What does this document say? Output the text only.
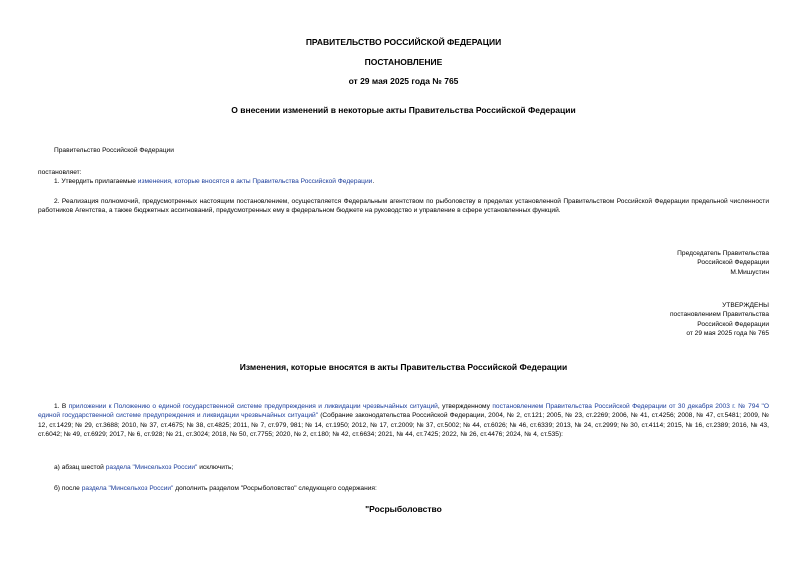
ПРАВИТЕЛЬСТВО РОССИЙСКОЙ ФЕДЕРАЦИИ
ПОСТАНОВЛЕНИЕ
от 29 мая 2025 года № 765
О внесении изменений в некоторые акты Правительства Российской Федерации
Правительство Российской Федерации
постановляет:
1. Утвердить прилагаемые изменения, которые вносятся в акты Правительства Российской Федерации.
2. Реализация полномочий, предусмотренных настоящим постановлением, осуществляется Федеральным агентством по рыболовству в пределах установленной Правительством Российской Федерации предельной численности работников Агентства, а также бюджетных ассигнований, предусмотренных ему в федеральном бюджете на руководство и управление в сфере установленных функций.
Председатель Правительства
Российской Федерации
М.Мишустин
УТВЕРЖДЕНЫ
постановлением Правительства
Российской Федерации
от 29 мая 2025 года № 765
Изменения, которые вносятся в акты Правительства Российской Федерации
1. В приложении к Положению о единой государственной системе предупреждения и ликвидации чрезвычайных ситуаций, утвержденному постановлением Правительства Российской Федерации от 30 декабря 2003 г. № 794 "О единой государственной системе предупреждения и ликвидации чрезвычайных ситуаций" (Собрание законодательства Российской Федерации, 2004, № 2, ст.121; 2005, № 23, ст.2269; 2006, № 41, ст.4256; 2008, № 47, ст.5481; 2009, № 12, ст.1429; № 29, ст.3688; 2010, № 37, ст.4675; № 38, ст.4825; 2011, № 7, ст.979, 981; № 14, ст.1950; 2012, № 17, ст.2009; № 37, ст.5002; № 44, ст.6026; № 46, ст.6339; 2013, № 24, ст.2999; № 30, ст.4114; 2015, № 16, ст.2389; 2016, № 43, ст.6042; № 49, ст.6929; 2017, № 6, ст.928; № 21, ст.3024; 2018, № 50, ст.7755; 2020, № 2, ст.180; № 42, ст.6634; 2021, № 44, ст.7425; 2022, № 26, ст.4476; 2024, № 4, ст.535):
а) абзац шестой раздела "Минсельхоз России" исключить;
б) после раздела "Минсельхоз России" дополнить разделом "Росрыболовство" следующего содержания:
"Росрыболовство
